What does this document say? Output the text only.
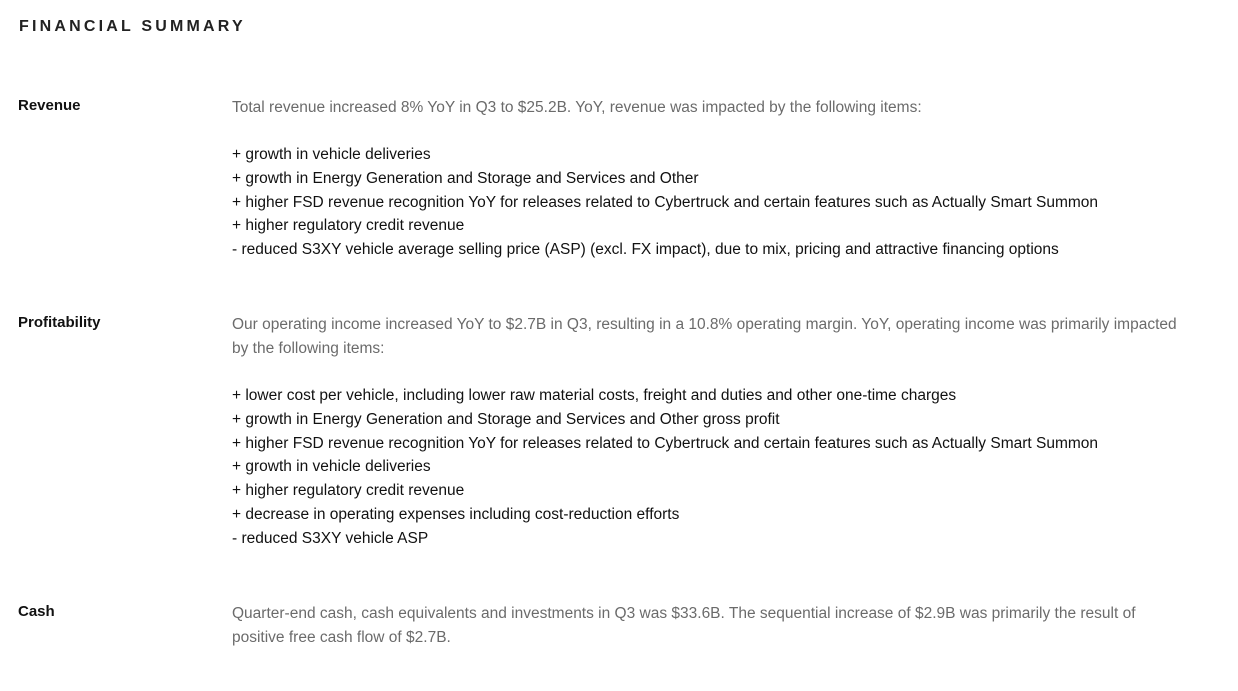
FINANCIAL SUMMARY
Revenue	Total revenue increased 8% YoY in Q3 to $25.2B. YoY, revenue was impacted by the following items:

+ growth in vehicle deliveries
+ growth in Energy Generation and Storage and Services and Other
+ higher FSD revenue recognition YoY for releases related to Cybertruck and certain features such as Actually Smart Summon
+ higher regulatory credit revenue
- reduced S3XY vehicle average selling price (ASP) (excl. FX impact), due to mix, pricing and attractive financing options
Profitability	Our operating income increased YoY to $2.7B in Q3, resulting in a 10.8% operating margin. YoY, operating income was primarily impacted by the following items:

+ lower cost per vehicle, including lower raw material costs, freight and duties and other one-time charges
+ growth in Energy Generation and Storage and Services and Other gross profit
+ higher FSD revenue recognition YoY for releases related to Cybertruck and certain features such as Actually Smart Summon
+ growth in vehicle deliveries
+ higher regulatory credit revenue
+ decrease in operating expenses including cost-reduction efforts
- reduced S3XY vehicle ASP
Cash	Quarter-end cash, cash equivalents and investments in Q3 was $33.6B. The sequential increase of $2.9B was primarily the result of positive free cash flow of $2.7B.
